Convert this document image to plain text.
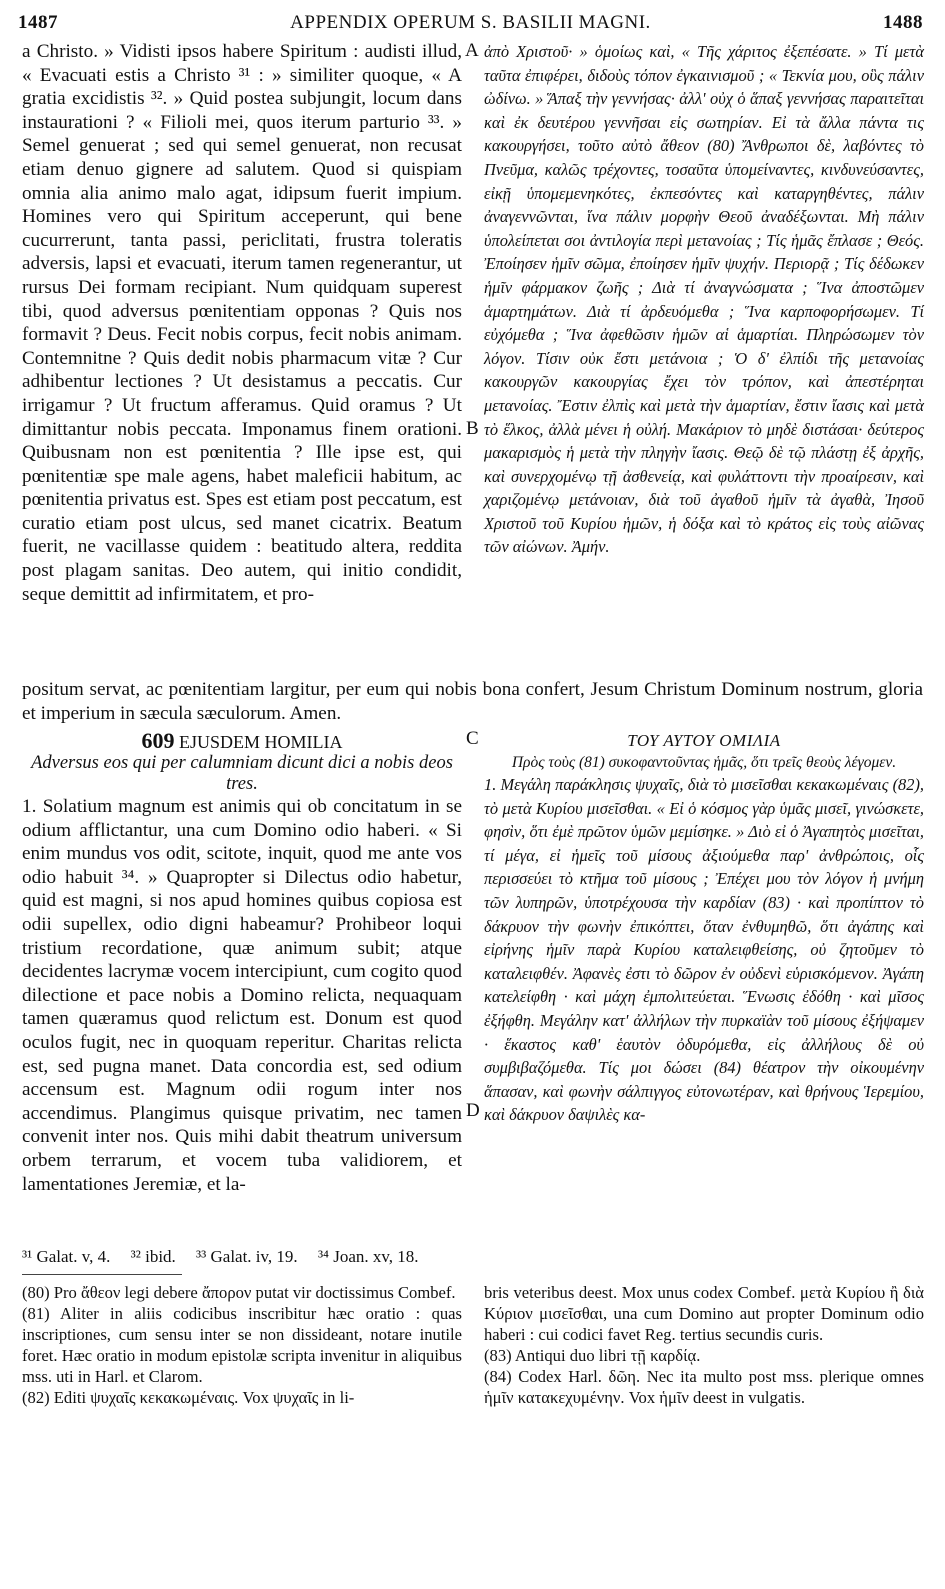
1487	APPENDIX OPERUM S. BASILII MAGNI.	1488

a Christo. » Vidisti ipsos habere Spiritum : audisti illud, « Evacuati estis a Christo ³¹ : » similiter quoque, « A gratia excidistis ³². » Quid postea subjungit, locum dans instaurationi ? « Filioli mei, quos iterum parturio ³³. » Semel genuerat ; sed qui semel genuerat, non recusat etiam denuo gignere ad salutem. Quod si quispiam omnia alia animo malo agat, idipsum fuerit impium. Homines vero qui Spiritum acceperunt, qui bene cucurrerunt, tanta passi, periclitati, frustra toleratis adversis, lapsi et evacuati, iterum tamen regenerantur, ut rursus Dei formam recipiant. Num quidquam superest tibi, quod adversus pœnitentiam opponas ? Quis nos formavit ? Deus. Fecit nobis corpus, fecit nobis animam. Contemnitne ? Quis dedit nobis pharmacum vitæ ? Cur adhibentur lectiones ? Ut desistamus a peccatis. Cur irrigamur ? Ut fructum afferamus. Quid oramus ? Ut dimittantur nobis peccata. Imponamus finem orationi. Quibusnam non est pœnitentia ? Ille ipse est, qui pœnitentiæ spe male agens, habet maleficii habitum, ac pœnitentia privatus est. Spes est etiam post peccatum, est curatio etiam post ulcus, sed manet cicatrix. Beatum fuerit, ne vacillasse quidem : beatitudo altera, reddita post plagam sanitas. Deo autem, qui initio condidit, seque demittit ad infirmitatem, et pro-

A
B

ἀπὸ Χριστοῦ· » ὁμοίως καὶ, « Τῆς χάριτος ἐξεπέσατε. » Τί μετὰ ταῦτα ἐπιφέρει, διδοὺς τόπον ἐγκαινισμοῦ ; « Τεκνία μου, οὓς πάλιν ὠδίνω. » Ἅπαξ τὴν γεννήσας· ἀλλ' οὐχ ὁ ἅπαξ γεννήσας παραιτεῖται καὶ ἐκ δευτέρου γεννῆσαι εἰς σωτηρίαν. Εἰ τὰ ἄλλα πάντα τις κακουργήσει, τοῦτο αὐτὸ ἄθεον (80) Ἄνθρωποι δὲ, λαβόντες τὸ Πνεῦμα, καλῶς τρέχοντες, τοσαῦτα ὑπομείναντες, κινδυνεύσαντες, εἰκῇ ὑπομεμενηκότες, ἐκπεσόντες καὶ καταργηθέντες, πάλιν ἀναγεννῶνται, ἵνα πάλιν μορφὴν Θεοῦ ἀναδέξωνται. Μὴ πάλιν ὑπολείπεται σοι ἀντιλογία περὶ μετανοίας ; Τίς ἡμᾶς ἔπλασε ; Θεός. Ἐποίησεν ἡμῖν σῶμα, ἐποίησεν ἡμῖν ψυχήν. Περιορᾷ ; Τίς δέδωκεν ἡμῖν φάρμακον ζωῆς ; Διὰ τί ἀναγνώσματα ; Ἵνα ἀποστῶμεν ἁμαρτημάτων. Διὰ τί ἀρδευόμεθα ; Ἵνα καρποφορήσωμεν. Τί εὐχόμεθα ; Ἵνα ἀφεθῶσιν ἡμῶν αἱ ἁμαρτίαι. Πληρώσωμεν τὸν λόγον. Τίσιν οὐκ ἔστι μετάνοια ; Ὁ δ' ἐλπίδι τῆς μετανοίας κακουργῶν κακουργίας ἔχει τὸν τρόπον, καὶ ἀπεστέρηται μετανοίας. Ἔστιν ἐλπὶς καὶ μετὰ τὴν ἁμαρτίαν, ἔστιν ἴασις καὶ μετὰ τὸ ἕλκος, ἀλλὰ μένει ἡ οὐλή. Μακάριον τὸ μηδὲ διστάσαι· δεύτερος μακαρισμὸς ἡ μετὰ τὴν πληγὴν ἴασις. Θεῷ δὲ τῷ πλάστῃ ἐξ ἀρχῆς, καὶ συνερχομένῳ τῇ ἀσθενείᾳ, καὶ φυλάττοντι τὴν προαίρεσιν, καὶ χαριζομένῳ μετάνοιαν, διὰ τοῦ ἀγαθοῦ ἡμῖν τὰ ἀγαθὰ, Ἰησοῦ Χριστοῦ τοῦ Κυρίου ἡμῶν, ἡ δόξα καὶ τὸ κράτος εἰς τοὺς αἰῶνας τῶν αἰώνων. Ἀμήν.

positum servat, ac pœnitentiam largitur, per eum qui nobis bona confert, Jesum Christum Dominum nostrum, gloria et imperium in sæcula sæculorum. Amen.
C
D
609 EJUSDEM HOMILIA
Adversus eos qui per calumniam dicunt dici a nobis deos tres.

1. Solatium magnum est animis qui ob concitatum in se odium afflictantur, una cum Domino odio haberi. « Si enim mundus vos odit, scitote, inquit, quod me ante vos odio habuit ³⁴. » Quapropter si Dilectus odio habetur, quid est magni, si nos apud homines quibus copiosa est odii supellex, odio digni habeamur? Prohibeor loqui tristium recordatione, quæ animum subit; atque decidentes lacrymæ vocem intercipiunt, cum cogito quod dilectione et pace nobis a Domino relicta, nequaquam tamen quæramus quod relictum est. Donum est quod oculos fugit, nec in quoquam reperitur. Charitas relicta est, sed pugna manet. Data concordia est, sed odium accensum est. Magnum odii rogum inter nos accendimus. Plangimus quisque privatim, nec tamen convenit inter nos. Quis mihi dabit theatrum universum orbem terrarum, et vocem tuba validiorem, et lamentationes Jeremiæ, et la-

ΤΟΥ ΑΥΤΟΥ ΟΜΙΛΙΑ
Πρὸς τοὺς (81) συκοφαντοῦντας ἡμᾶς, ὅτι τρεῖς θεοὺς λέγομεν.

1. Μεγάλη παράκλησις ψυχαῖς, διὰ τὸ μισεῖσθαι κεκακωμέναις (82), τὸ μετὰ Κυρίου μισεῖσθαι. « Εἰ ὁ κόσμος γὰρ ὑμᾶς μισεῖ, γινώσκετε, φησὶν, ὅτι ἐμὲ πρῶτον ὑμῶν μεμίσηκε. » Διὸ εἰ ὁ Ἀγαπητὸς μισεῖται, τί μέγα, εἰ ἡμεῖς τοῦ μίσους ἀξιούμεθα παρ' ἀνθρώποις, οἷς περισσεύει τὸ κτῆμα τοῦ μίσους ; Ἐπέχει μου τὸν λόγον ἡ μνήμη τῶν λυπηρῶν, ὑποτρέχουσα τὴν καρδίαν (83) · καὶ προπίπτον τὸ δάκρυον τὴν φωνὴν ἐπικόπτει, ὅταν ἐνθυμηθῶ, ὅτι ἀγάπης καὶ εἰρήνης ἡμῖν παρὰ Κυρίου καταλειφθείσης, οὐ ζητοῦμεν τὸ καταλειφθέν. Ἀφανὲς ἐστι τὸ δῶρον ἐν οὐδενὶ εὑρισκόμενον. Ἀγάπη κατελείφθη · καὶ μάχη ἐμπολιτεύεται. Ἕνωσις ἐδόθη · καὶ μῖσος ἐξήφθη. Μεγάλην κατ' ἀλλήλων τὴν πυρκαϊὰν τοῦ μίσους ἐξήψαμεν · ἕκαστος καθ' ἑαυτὸν ὀδυρόμεθα, εἰς ἀλλήλους δὲ οὐ συμβιβαζόμεθα. Τίς μοι δώσει (84) θέατρον τὴν οἰκουμένην ἅπασαν, καὶ φωνὴν σάλπιγγος εὐτονωτέραν, καὶ θρήνους Ἱερεμίου, καὶ δάκρυον δαψιλὲς κα-

³¹ Galat. v, 4. ³² ibid. ³³ Galat. iv, 19. ³⁴ Joan. xv, 18.

(80) Pro ἄθεον legi debere ἄπορον putat vir doctissimus Combef.

(81) Aliter in aliis codicibus inscribitur hæc oratio : quas inscriptiones, cum sensu inter se non dissideant, notare inutile foret. Hæc oratio in modum epistolæ scripta invenitur in aliquibus mss. uti in Harl. et Clarom.

(82) Editi ψυχαῖς κεκακωμέναις. Vox ψυχαῖς in li-

bris veteribus deest. Mox unus codex Combef. μετὰ Κυρίου ἢ διὰ Κύριον μισεῖσθαι, una cum Domino aut propter Dominum odio haberi : cui codici favet Reg. tertius secundis curis.

(83) Antiqui duo libri τῇ καρδίᾳ.

(84) Codex Harl. δῶη. Nec ita multo post mss. plerique omnes ἡμῖν κατακεχυμένην. Vox ἡμῖν deest in vulgatis.
